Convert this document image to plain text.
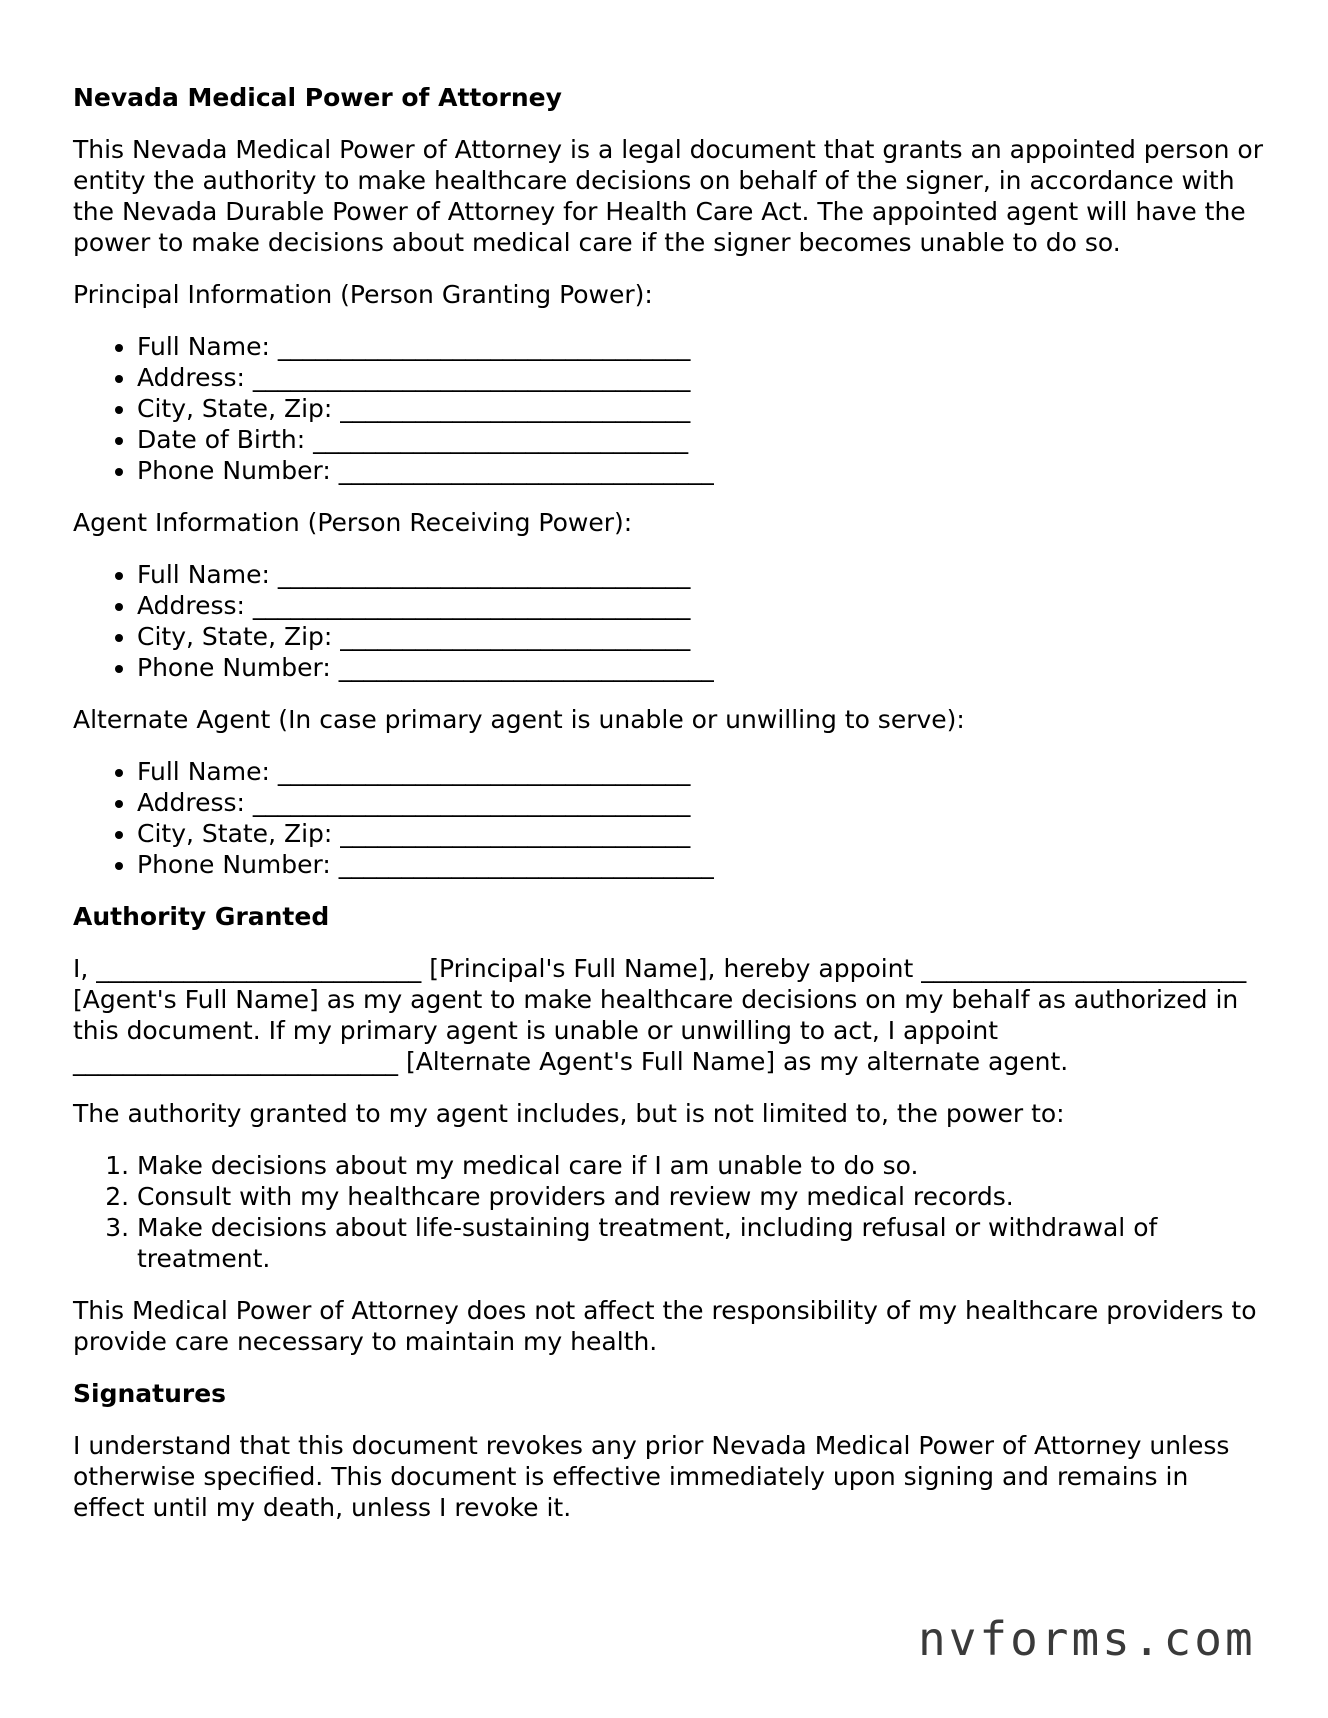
Nevada Medical Power of Attorney

This Nevada Medical Power of Attorney is a legal document that grants an appointed person or entity the authority to make healthcare decisions on behalf of the signer, in accordance with the Nevada Durable Power of Attorney for Health Care Act. The appointed agent will have the power to make decisions about medical care if the signer becomes unable to do so.

Principal Information (Person Granting Power):

• Full Name: _________________________________
• Address: ___________________________________
• City, State, Zip: ____________________________
• Date of Birth: ______________________________
• Phone Number: ______________________________

Agent Information (Person Receiving Power):

• Full Name: _________________________________
• Address: ___________________________________
• City, State, Zip: ____________________________
• Phone Number: ______________________________

Alternate Agent (In case primary agent is unable or unwilling to serve):

• Full Name: _________________________________
• Address: ___________________________________
• City, State, Zip: ____________________________
• Phone Number: ______________________________
Authority Granted

I, __________________________ [Principal's Full Name], hereby appoint __________________________ [Agent's Full Name] as my agent to make healthcare decisions on my behalf as authorized in this document. If my primary agent is unable or unwilling to act, I appoint __________________________ [Alternate Agent's Full Name] as my alternate agent.

The authority granted to my agent includes, but is not limited to, the power to:

1. Make decisions about my medical care if I am unable to do so.
2. Consult with my healthcare providers and review my medical records.
3. Make decisions about life-sustaining treatment, including refusal or withdrawal of treatment.

This Medical Power of Attorney does not affect the responsibility of my healthcare providers to provide care necessary to maintain my health.

Signatures

I understand that this document revokes any prior Nevada Medical Power of Attorney unless otherwise specified. This document is effective immediately upon signing and remains in effect until my death, unless I revoke it.

nvforms.com
